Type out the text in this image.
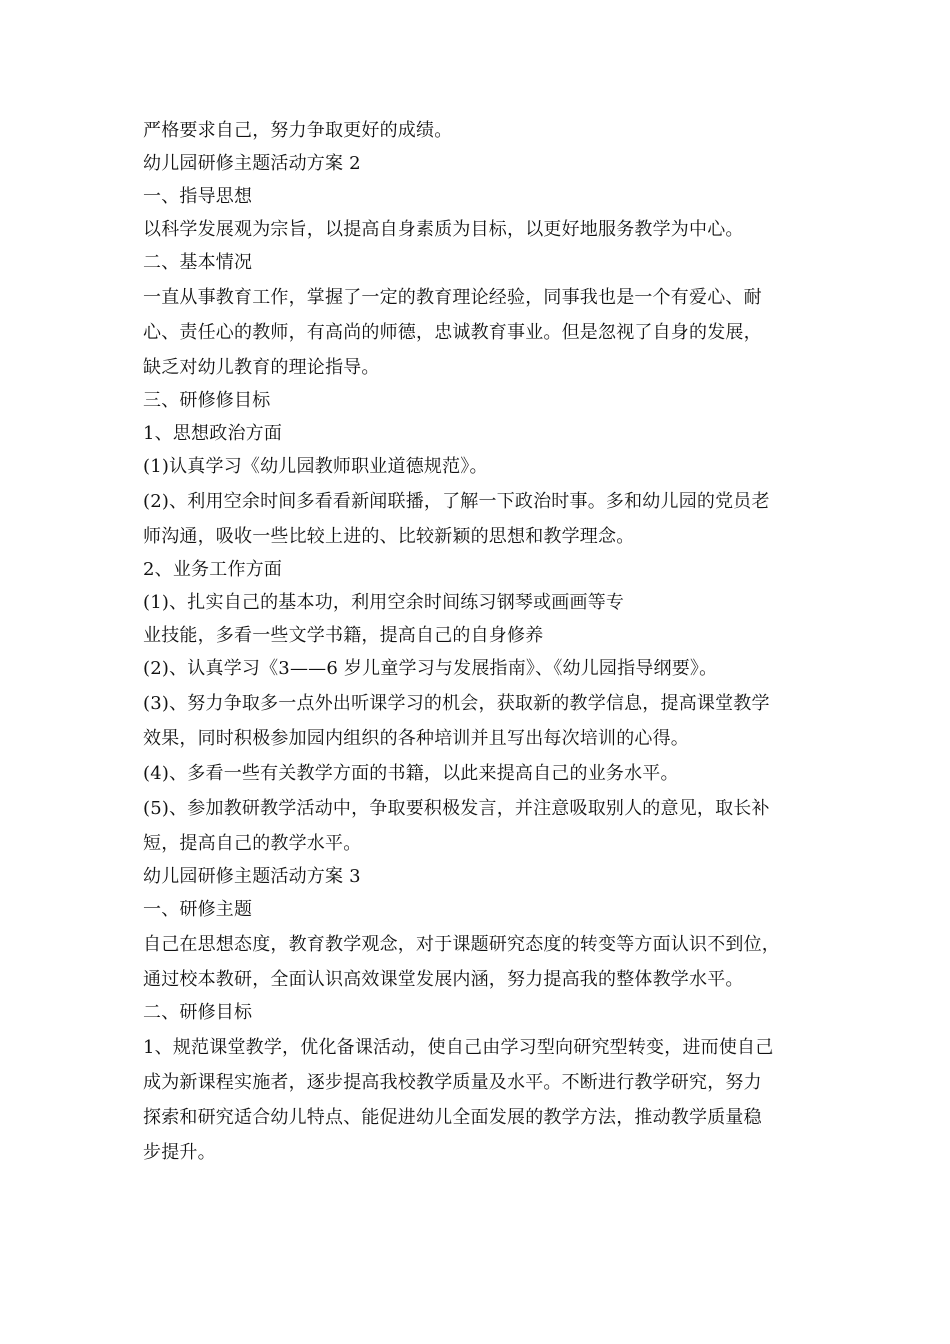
严格要求自己，努力争取更好的成绩。
幼儿园研修主题活动方案 2
一、指导思想
以科学发展观为宗旨，以提高自身素质为目标，以更好地服务教学为中心。
二、基本情况
一直从事教育工作，掌握了一定的教育理论经验，同事我也是一个有爱心、耐
心、责任心的教师，有高尚的师德，忠诚教育事业。但是忽视了自身的发展，
缺乏对幼儿教育的理论指导。
三、研修修目标
1、思想政治方面
(1)认真学习《幼儿园教师职业道德规范》。
(2)、利用空余时间多看看新闻联播，了解一下政治时事。多和幼儿园的党员老
师沟通，吸收一些比较上进的、比较新颖的思想和教学理念。
2、业务工作方面
(1)、扎实自己的基本功，利用空余时间练习钢琴或画画等专
业技能，多看一些文学书籍，提高自己的自身修养
(2)、认真学习《3——6 岁儿童学习与发展指南》、《幼儿园指导纲要》。
(3)、努力争取多一点外出听课学习的机会，获取新的教学信息，提高课堂教学
效果，同时积极参加园内组织的各种培训并且写出每次培训的心得。
(4)、多看一些有关教学方面的书籍，以此来提高自己的业务水平。
(5)、参加教研教学活动中，争取要积极发言，并注意吸取别人的意见，取长补
短，提高自己的教学水平。
幼儿园研修主题活动方案 3
一、研修主题
自己在思想态度，教育教学观念，对于课题研究态度的转变等方面认识不到位，
通过校本教研，全面认识高效课堂发展内涵，努力提高我的整体教学水平。
二、研修目标
1、规范课堂教学，优化备课活动，使自己由学习型向研究型转变，进而使自己
成为新课程实施者，逐步提高我校教学质量及水平。不断进行教学研究，努力
探索和研究适合幼儿特点、能促进幼儿全面发展的教学方法，推动教学质量稳
步提升。
